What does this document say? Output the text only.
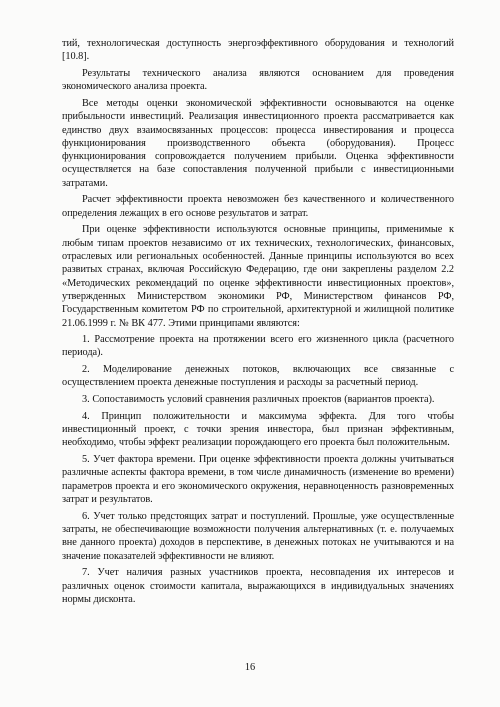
тий, технологическая доступность энергоэффективного оборудования и технологий [10.8].

Результаты технического анализа являются основанием для проведения экономического анализа проекта.

Все методы оценки экономической эффективности основываются на оценке прибыльности инвестиций. Реализация инвестиционного проекта рассматривается как единство двух взаимосвязанных процессов: процесса инвестирования и процесса функционирования производственного объекта (оборудования). Процесс функционирования сопровождается получением прибыли. Оценка эффективности осуществляется на базе сопоставления полученной прибыли с инвестиционными затратами.

Расчет эффективности проекта невозможен без качественного и количественного определения лежащих в его основе результатов и затрат.

При оценке эффективности используются основные принципы, применимые к любым типам проектов независимо от их технических, технологических, финансовых, отраслевых или региональных особенностей. Данные принципы используются во всех развитых странах, включая Российскую Федерацию, где они закреплены разделом 2.2 «Методических рекомендаций по оценке эффективности инвестиционных проектов», утвержденных Министерством экономики РФ, Министерством финансов РФ, Государственным комитетом РФ по строительной, архитектурной и жилищной политике 21.06.1999 г. № ВК 477. Этими принципами являются:

1. Рассмотрение проекта на протяжении всего его жизненного цикла (расчетного периода).

2. Моделирование денежных потоков, включающих все связанные с осуществлением проекта денежные поступления и расходы за расчетный период.

3. Сопоставимость условий сравнения различных проектов (вариантов проекта).

4. Принцип положительности и максимума эффекта. Для того чтобы инвестиционный проект, с точки зрения инвестора, был признан эффективным, необходимо, чтобы эффект реализации порождающего его проекта был положительным.

5. Учет фактора времени. При оценке эффективности проекта должны учитываться различные аспекты фактора времени, в том числе динамичность (изменение во времени) параметров проекта и его экономического окружения, неравноценность разновременных затрат и результатов.

6. Учет только предстоящих затрат и поступлений. Прошлые, уже осуществленные затраты, не обеспечивающие возможности получения альтернативных (т. е. получаемых вне данного проекта) доходов в перспективе, в денежных потоках не учитываются и на значение показателей эффективности не влияют.

7. Учет наличия разных участников проекта, несовпадения их интересов и различных оценок стоимости капитала, выражающихся в индивидуальных значениях нормы дисконта.

16
